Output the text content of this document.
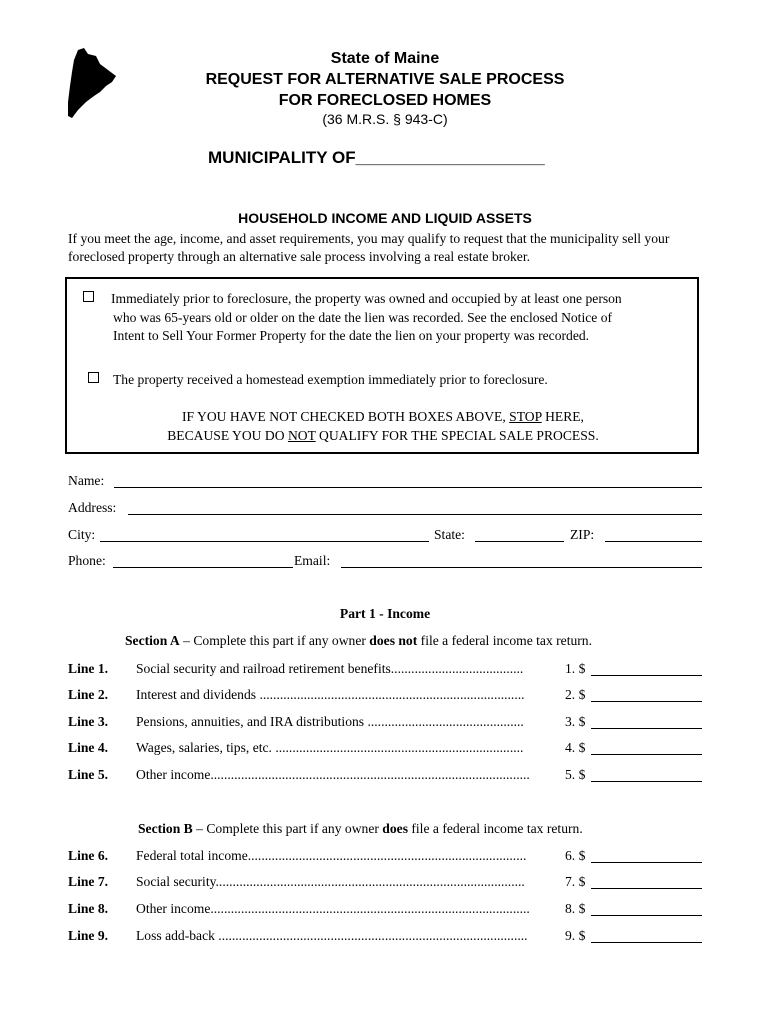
State of Maine
REQUEST FOR ALTERNATIVE SALE PROCESS
FOR FORECLOSED HOMES
(36 M.R.S. § 943-C)
MUNICIPALITY OF____________________
HOUSEHOLD INCOME AND LIQUID ASSETS
If you meet the age, income, and asset requirements, you may qualify to request that the municipality sell your foreclosed property through an alternative sale process involving a real estate broker.
Immediately prior to foreclosure, the property was owned and occupied by at least one person
who was 65-years old or older on the date the lien was recorded. See the enclosed Notice of
Intent to Sell Your Former Property for the date the lien on your property was recorded.
The property received a homestead exemption immediately prior to foreclosure.
IF YOU HAVE NOT CHECKED BOTH BOXES ABOVE, STOP HERE,
BECAUSE YOU DO NOT QUALIFY FOR THE SPECIAL SALE PROCESS.
Name:
Address:
City:	State:	ZIP:
Phone:	Email:
Part 1 - Income
Section A – Complete this part if any owner does not file a federal income tax return.
Line 1. Social security and railroad retirement benefits.......................................	1. $
Line 2. Interest and dividends ..............................................................................	2. $
Line 3. Pensions, annuities, and IRA distributions ..............................................	3. $
Line 4. Wages, salaries, tips, etc. .........................................................................	4. $
Line 5. Other income..............................................................................................	5. $
Section B – Complete this part if any owner does file a federal income tax return.
Line 6. Federal total income..................................................................................	6. $
Line 7. Social security...........................................................................................	7. $
Line 8. Other income..............................................................................................	8. $
Line 9. Loss add-back ...........................................................................................	9. $
